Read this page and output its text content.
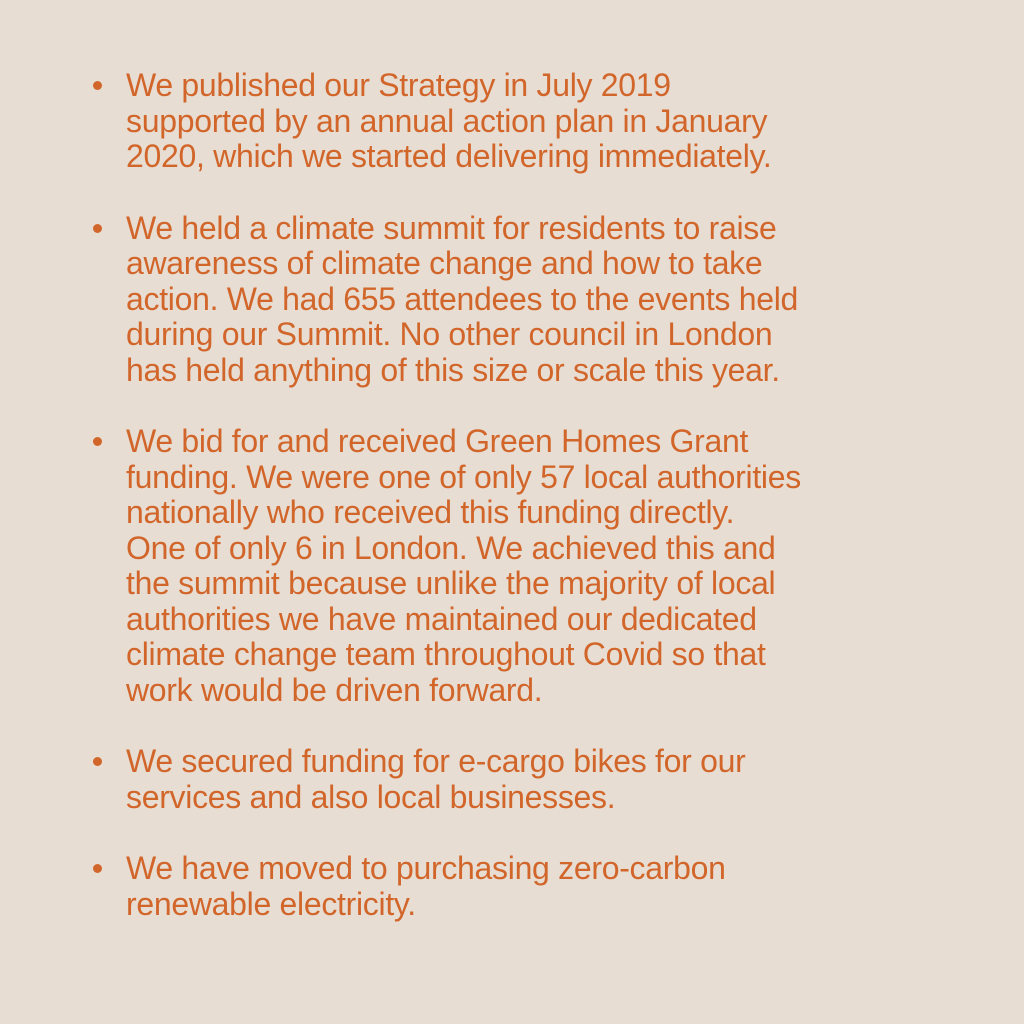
We published our Strategy in July 2019
supported by an annual action plan in January
2020, which we started delivering immediately.
We held a climate summit for residents to raise
awareness of climate change and how to take
action. We had 655 attendees to the events held
during our Summit. No other council in London
has held anything of this size or scale this year.
We bid for and received Green Homes Grant
funding. We were one of only 57 local authorities
nationally who received this funding directly.
One of only 6 in London. We achieved this and
the summit because unlike the majority of local
authorities we have maintained our dedicated
climate change team throughout Covid so that
work would be driven forward.
We secured funding for e-cargo bikes for our
services and also local businesses.
We have moved to purchasing zero-carbon
renewable electricity.
